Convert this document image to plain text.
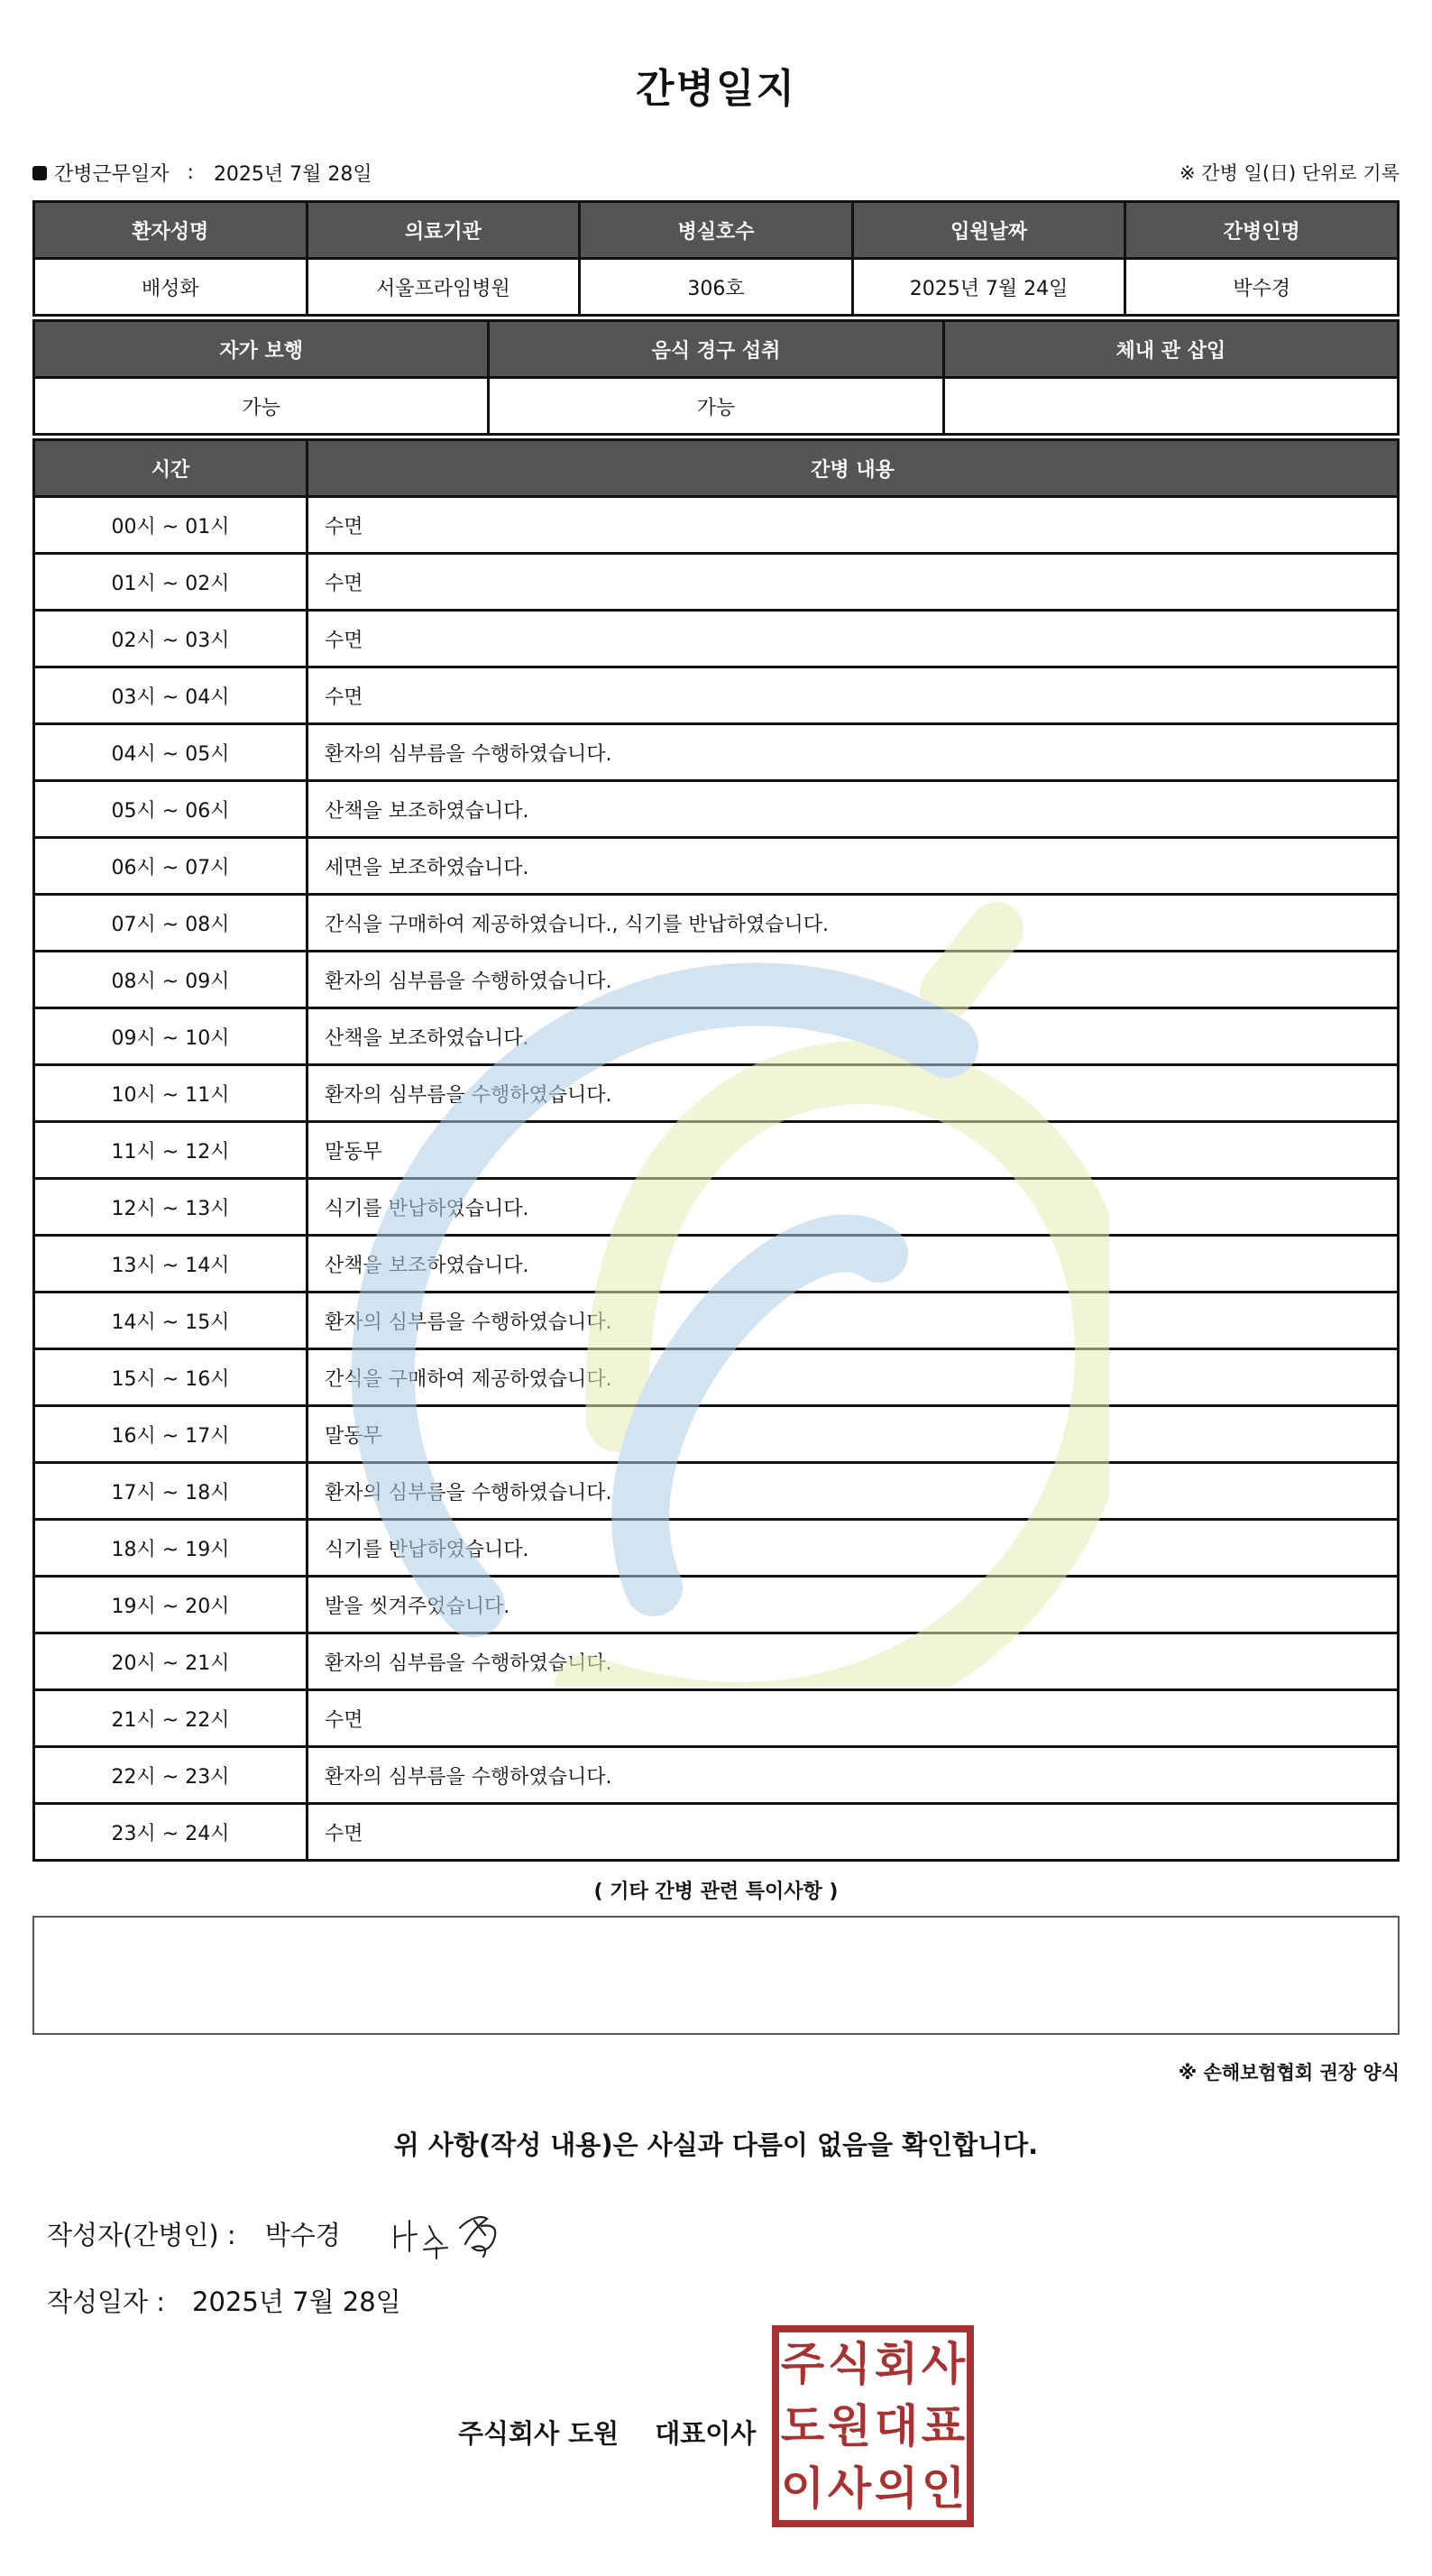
간병일지
간병근무일자 : 2025년 7월 28일	※ 간병 일(日) 단위로 기록
환자성명	의료기관	병실호수	입원날짜	간병인명
배성화	서울프라임병원	306호	2025년 7월 24일	박수경
자가 보행	음식 경구 섭취	체내 관 삽입
가능	가능	
시간	간병 내용
00시 ~ 01시	수면
01시 ~ 02시	수면
02시 ~ 03시	수면
03시 ~ 04시	수면
04시 ~ 05시	환자의 심부름을 수행하였습니다.
05시 ~ 06시	산책을 보조하였습니다.
06시 ~ 07시	세면을 보조하였습니다.
07시 ~ 08시	간식을 구매하여 제공하였습니다., 식기를 반납하였습니다.
08시 ~ 09시	환자의 심부름을 수행하였습니다.
09시 ~ 10시	산책을 보조하였습니다.
10시 ~ 11시	환자의 심부름을 수행하였습니다.
11시 ~ 12시	말동무
12시 ~ 13시	식기를 반납하였습니다.
13시 ~ 14시	산책을 보조하였습니다.
14시 ~ 15시	환자의 심부름을 수행하였습니다.
15시 ~ 16시	간식을 구매하여 제공하였습니다.
16시 ~ 17시	말동무
17시 ~ 18시	환자의 심부름을 수행하였습니다.
18시 ~ 19시	식기를 반납하였습니다.
19시 ~ 20시	발을 씻겨주었습니다.
20시 ~ 21시	환자의 심부름을 수행하였습니다.
21시 ~ 22시	수면
22시 ~ 23시	환자의 심부름을 수행하였습니다.
23시 ~ 24시	수면
( 기타 간병 관련 특이사항 )
※ 손해보험협회 권장 양식
위 사항(작성 내용)은 사실과 다름이 없음을 확인합니다.
작성자(간병인) : 박수경
작성일자 : 2025년 7월 28일
주식회사 도원 대표이사
주 식 회 사
도 원 대 표
이 사 의 인
